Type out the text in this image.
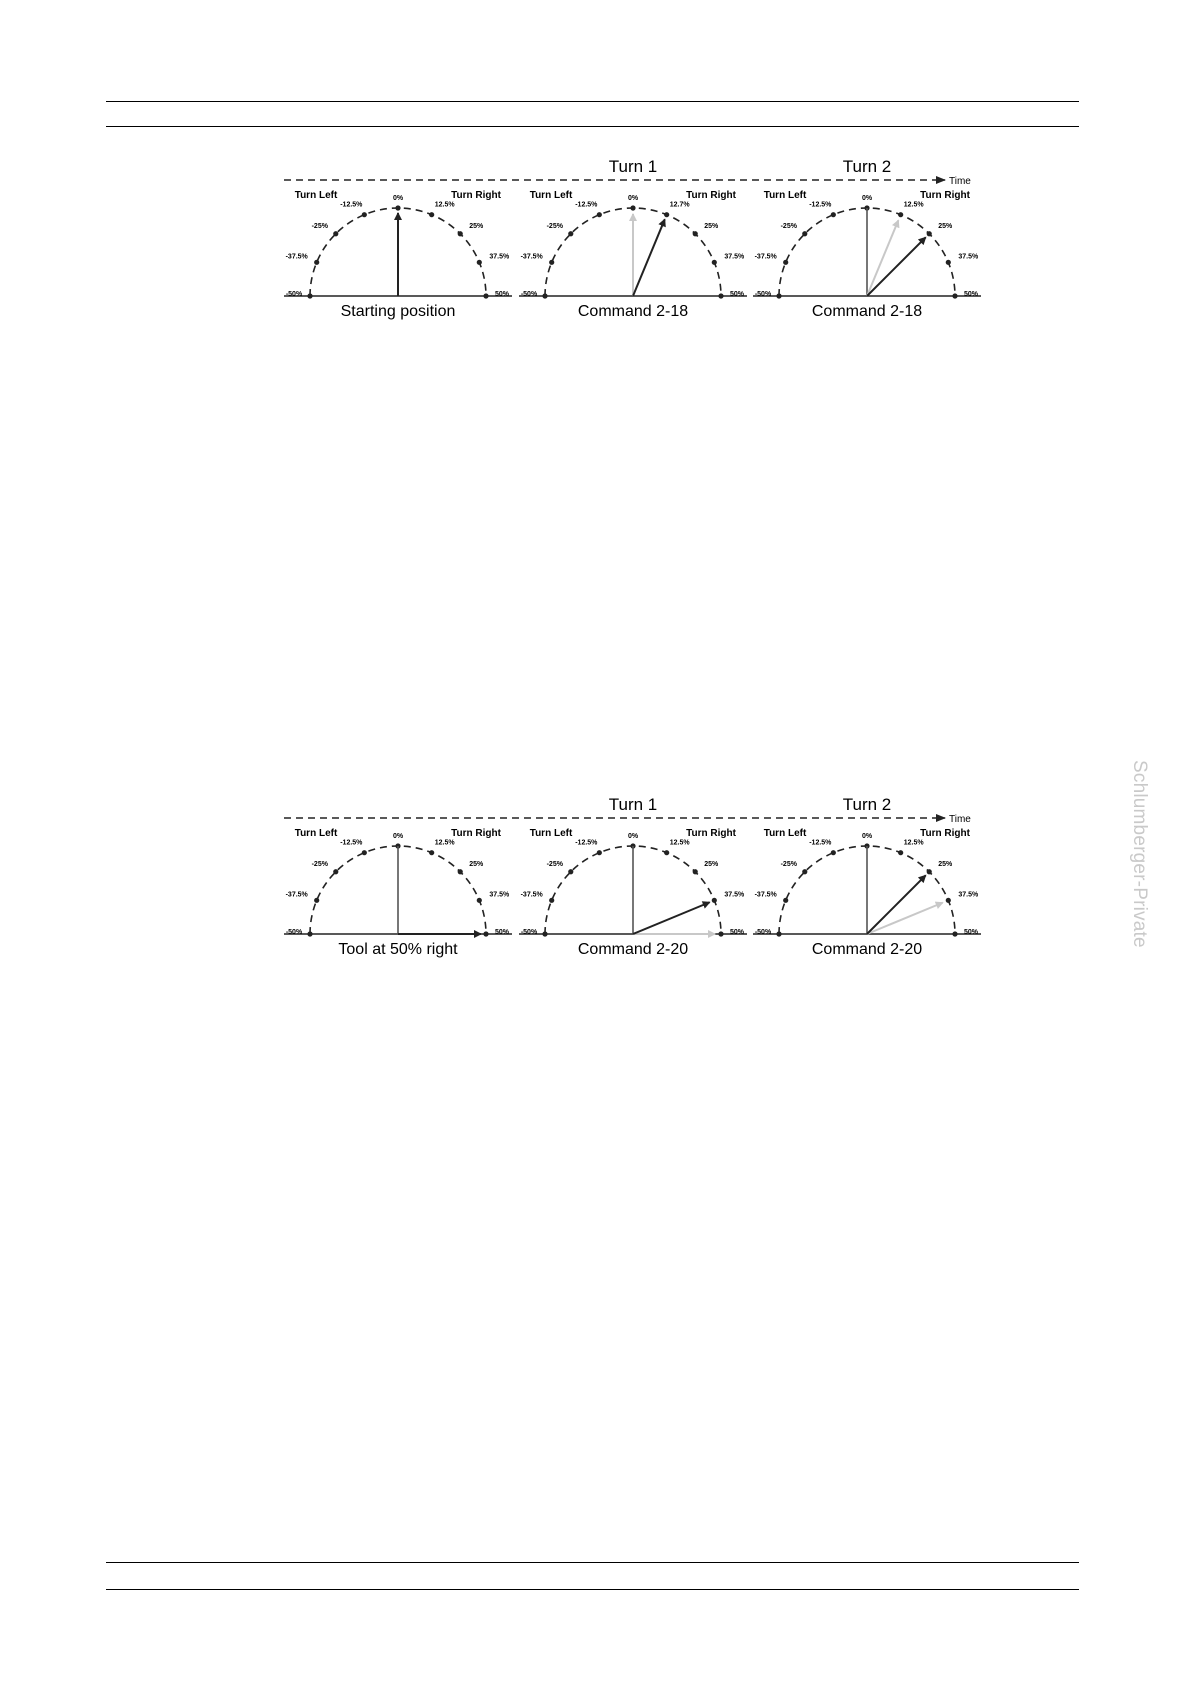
Time
Turn 1	Turn 2
-50%
-37.5%
-25%
-12.5%
0%
12.5%
25%
37.5%
50%
Turn Left	Turn Right
Starting position
-50%
-37.5%
-25%
-12.5%
0%
12.7%
25%
37.5%
50%
Turn Left	Turn Right
Command 2-18
-50%
-37.5%
-25%
-12.5%
0%
12.5%
25%
37.5%
50%
Turn Left	Turn Right
Command 2-18
Time
Turn 1	Turn 2
-50%
-37.5%
-25%
-12.5%
0%
12.5%
25%
37.5%
50%
Turn Left	Turn Right
Tool at 50% right
-50%
-37.5%
-25%
-12.5%
0%
12.5%
25%
37.5%
50%
Turn Left	Turn Right
Command 2-20
-50%
-37.5%
-25%
-12.5%
0%
12.5%
25%
37.5%
50%
Turn Left	Turn Right
Command 2-20
Schlumberger-Private
